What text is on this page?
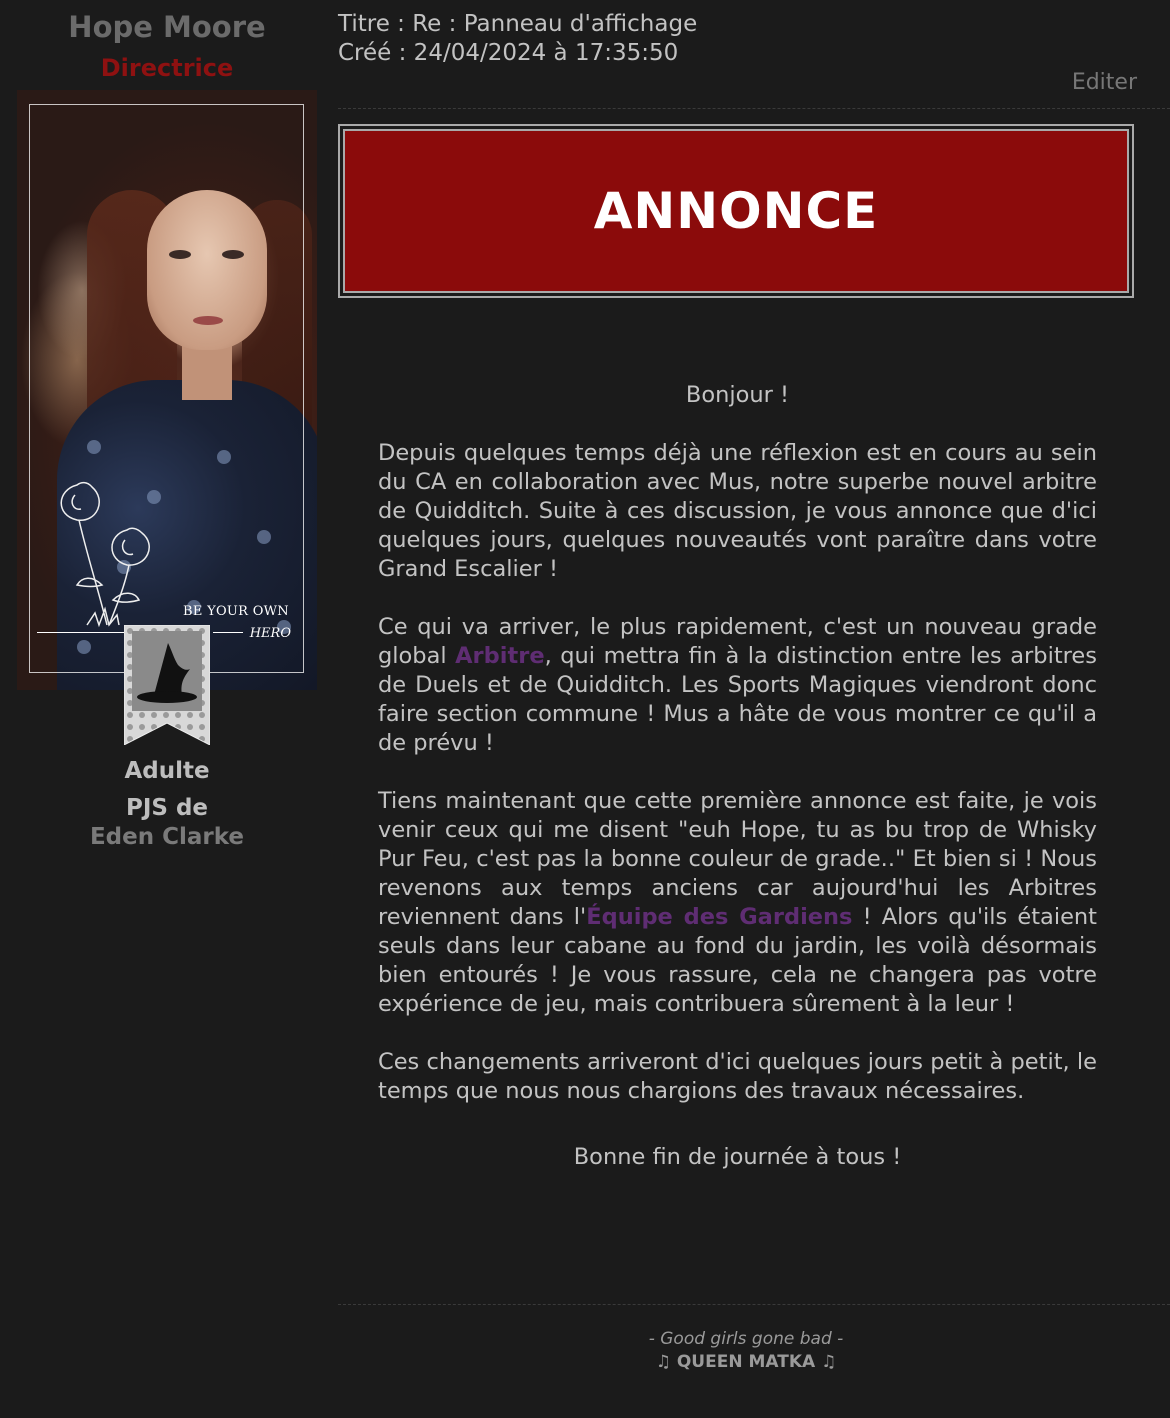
Hope Moore
Directrice
BE YOUR OWN
HERO
Adulte
PJS de
Eden Clarke
Titre : Re : Panneau d'affichage
Créé : 24/04/2024 à 17:35:50
Editer
ANNONCE

Bonjour !

Depuis quelques temps déjà une réflexion est en cours au sein du CA en collaboration avec Mus, notre superbe nouvel arbitre de Quidditch. Suite à ces discussion, je vous annonce que d'ici quelques jours, quelques nouveautés vont paraître dans votre Grand Escalier !

Ce qui va arriver, le plus rapidement, c'est un nouveau grade global Arbitre, qui mettra fin à la distinction entre les arbitres de Duels et de Quidditch. Les Sports Magiques viendront donc faire section commune ! Mus a hâte de vous montrer ce qu'il a de prévu !

Tiens maintenant que cette première annonce est faite, je vois venir ceux qui me disent "euh Hope, tu as bu trop de Whisky Pur Feu, c'est pas la bonne couleur de grade.." Et bien si ! Nous revenons aux temps anciens car aujourd'hui les Arbitres reviennent dans l'Équipe des Gardiens ! Alors qu'ils étaient seuls dans leur cabane au fond du jardin, les voilà désormais bien entourés ! Je vous rassure, cela ne changera pas votre expérience de jeu, mais contribuera sûrement à la leur !

Ces changements arriveront d'ici quelques jours petit à petit, le temps que nous nous chargions des travaux nécessaires.

Bonne fin de journée à tous !

- Good girls gone bad -
♫ QUEEN MATKA ♫
